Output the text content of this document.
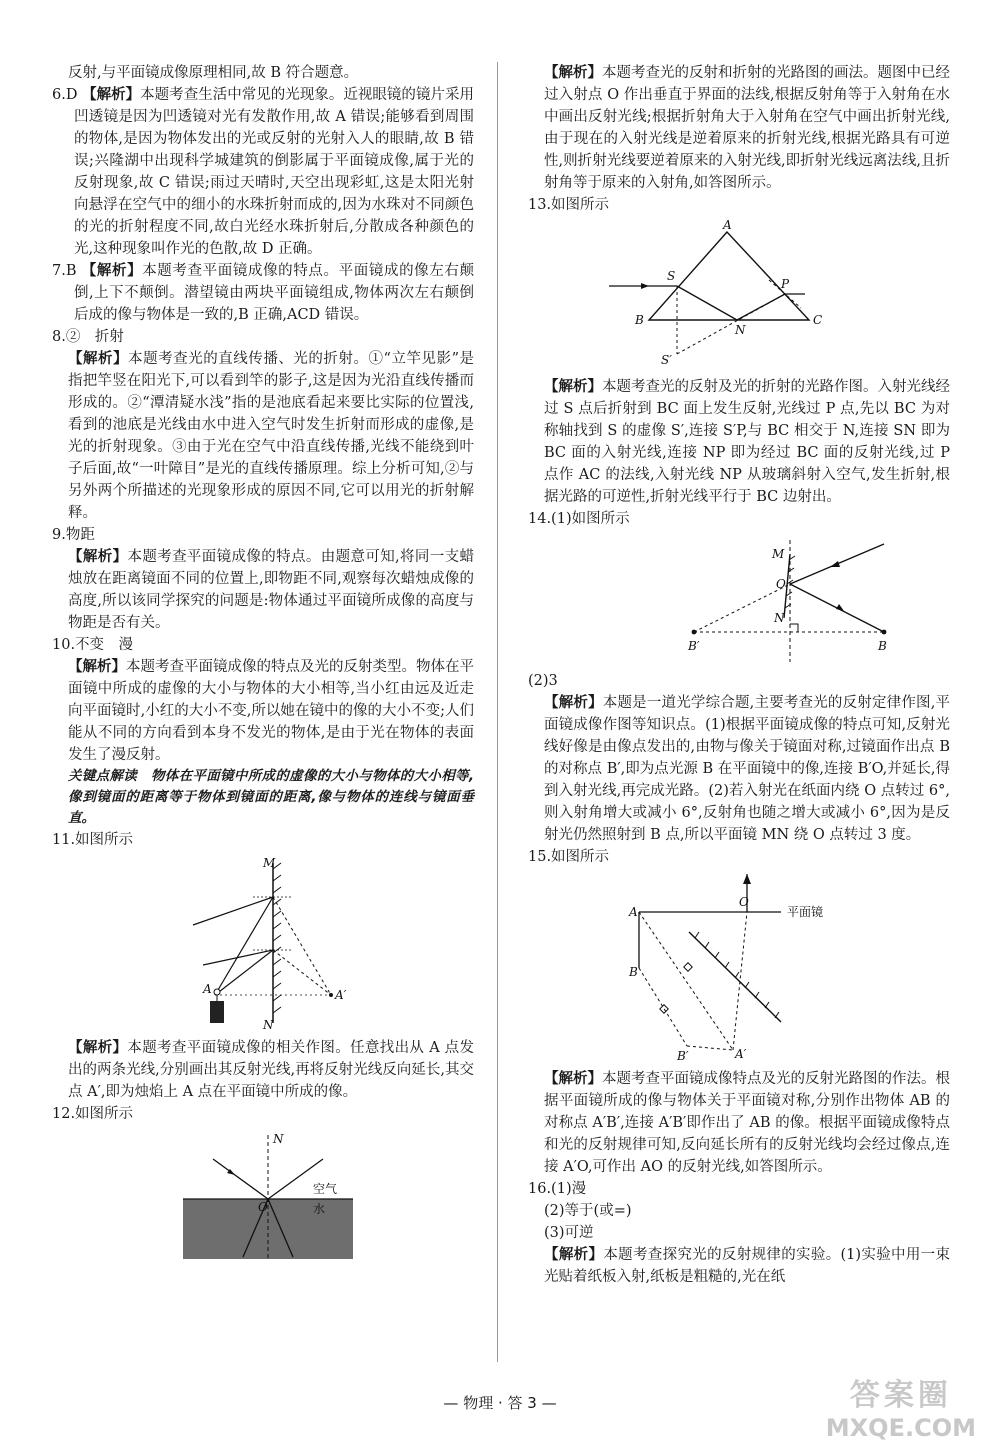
反射,与平面镜成像原理相同,故 B 符合题意。

6.D 【解析】本题考查生活中常见的光现象。近视眼镜的镜片采用凹透镜是因为凹透镜对光有发散作用,故 A 错误;能够看到周围的物体,是因为物体发出的光或反射的光射入人的眼睛,故 B 错误;兴隆湖中出现科学城建筑的倒影属于平面镜成像,属于光的反射现象,故 C 错误;雨过天晴时,天空出现彩虹,这是太阳光射向悬浮在空气中的细小的水珠折射而成的,因为水珠对不同颜色的光的折射程度不同,故白光经水珠折射后,分散成各种颜色的光,这种现象叫作光的色散,故 D 正确。

7.B 【解析】本题考查平面镜成像的特点。平面镜成的像左右颠倒,上下不颠倒。潜望镜由两块平面镜组成,物体两次左右颠倒后成的像与物体是一致的,B 正确,ACD 错误。

8.②　折射

【解析】本题考查光的直线传播、光的折射。①“立竿见影”是指把竿竖在阳光下,可以看到竿的影子,这是因为光沿直线传播而形成的。②“潭清疑水浅”指的是池底看起来要比实际的位置浅,看到的池底是光线由水中进入空气时发生折射而形成的虚像,是光的折射现象。③由于光在空气中沿直线传播,光线不能绕到叶子后面,故“一叶障目”是光的直线传播原理。综上分析可知,②与另外两个所描述的光现象形成的原因不同,它可以用光的折射解释。

9.物距

【解析】本题考查平面镜成像的特点。由题意可知,将同一支蜡烛放在距离镜面不同的位置上,即物距不同,观察每次蜡烛成像的高度,所以该同学探究的问题是:物体通过平面镜所成像的高度与物距是否有关。

10.不变　漫

【解析】本题考查平面镜成像的特点及光的反射类型。物体在平面镜中所成的虚像的大小与物体的大小相等,当小红由远及近走向平面镜时,小红的大小不变,所以她在镜中的像的大小不变;人们能从不同的方向看到本身不发光的物体,是由于光在物体的表面发生了漫反射。

关键点解读　 物体在平面镜中所成的虚像的大小与物体的大小相等,像到镜面的距离等于物体到镜面的距离,像与物体的连线与镜面垂直。

11.如图所示

M
N
A	A′

【解析】本题考查平面镜成像的相关作图。任意找出从 A 点发出的两条光线,分别画出其反射光线,再将反射光线反向延长,其交点 A′,即为烛焰上 A 点在平面镜中所成的像。

12.如图所示

N
O
空气
水

【解析】本题考查光的反射和折射的光路图的画法。题图中已经过入射点 O 作出垂直于界面的法线,根据反射角等于入射角在水中画出反射光线;根据折射角大于入射角在空气中画出折射光线,由于现在的入射光线是逆着原来的折射光线,根据光路具有可逆性,则折射光线要逆着原来的入射光线,即折射光线远离法线,且折射角等于原来的入射角,如答图所示。

13.如图所示

A
B	C
S
N
P
S′

【解析】本题考查光的反射及光的折射的光路作图。入射光线经过 S 点后折射到 BC 面上发生反射,光线过 P 点,先以 BC 为对称轴找到 S 的虚像 S′,连接 S′P,与 BC 相交于 N,连接 SN 即为 BC 面的入射光线,连接 NP 即为经过 BC 面的反射光线,过 P 点作 AC 的法线,入射光线 NP 从玻璃斜射入空气,发生折射,根据光路的可逆性,折射光线平行于 BC 边射出。

14.(1)如图所示

M
O
N
B′	B

(2)3

【解析】本题是一道光学综合题,主要考查光的反射定律作图,平面镜成像作图等知识点。(1)根据平面镜成像的特点可知,反射光线好像是由像点发出的,由物与像关于镜面对称,过镜面作出点 B 的对称点 B′,即为点光源 B 在平面镜中的像,连接 B′O,并延长,得到入射光线,再完成光路。(2)若入射光在纸面内绕 O 点转过 6°,则入射角增大或减小 6°,反射角也随之增大或减小 6°,因为是反射光仍然照射到 B 点,所以平面镜 MN 绕 O 点转过 3 度。

15.如图所示

A
B
O
B′	A′
平面镜

【解析】本题考查平面镜成像特点及光的反射光路图的作法。根据平面镜所成的像与物体关于平面镜对称,分别作出物体 AB 的对称点 A′B′,连接 A′B′即作出了 AB 的像。根据平面镜成像特点和光的反射规律可知,反向延长所有的反射光线均会经过像点,连接 A′O,可作出 AO 的反射光线,如答图所示。

16.(1)漫

(2)等于(或=)

(3)可逆

【解析】本题考查探究光的反射规律的实验。(1)实验中用一束光贴着纸板入射,纸板是粗糙的,光在纸

— 物理 · 答 3 —	答案圈
MXQE.COM
